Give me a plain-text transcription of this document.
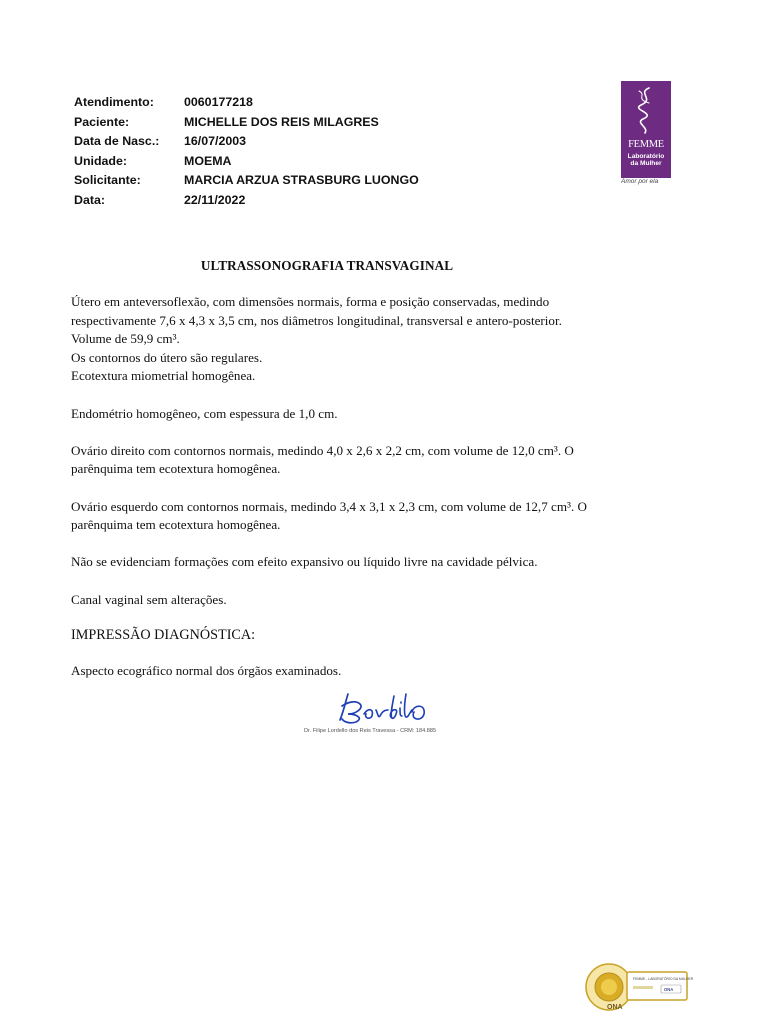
Atendimento:	0060177218
Paciente:	MICHELLE DOS REIS MILAGRES
Data de Nasc.:	16/07/2003
Unidade:	MOEMA
Solicitante:	MARCIA ARZUA STRASBURG LUONGO
Data:	22/11/2022
FEMME
Laboratório
da Mulher
Amor por ela
ULTRASSONOGRAFIA TRANSVAGINAL

Útero em anteversoflexão, com dimensões normais, forma e posição conservadas, medindo

respectivamente 7,6 x 4,3 x 3,5 cm, nos diâmetros longitudinal, transversal e antero-posterior.

Volume de 59,9 cm³.

Os contornos do útero são regulares.

Ecotextura miometrial homogênea.

Endométrio homogêneo, com espessura de 1,0 cm.

Ovário direito com contornos normais, medindo 4,0 x 2,6 x 2,2 cm, com volume de 12,0 cm³. O

parênquima tem ecotextura homogênea.

Ovário esquerdo com contornos normais, medindo 3,4 x 3,1 x 2,3 cm, com volume de 12,7 cm³. O

parênquima tem ecotextura homogênea.

Não se evidenciam formações com efeito expansivo ou líquido livre na cavidade pélvica.

Canal vaginal sem alterações.

IMPRESSÃO DIAGNÓSTICA:
Aspecto ecográfico normal dos órgãos examinados.
Dr. Filipe Lordello dos Reis Travessa - CRM: 184.885
ONA
FEMME - LABORATÓRIO DA MULHER
ONA
